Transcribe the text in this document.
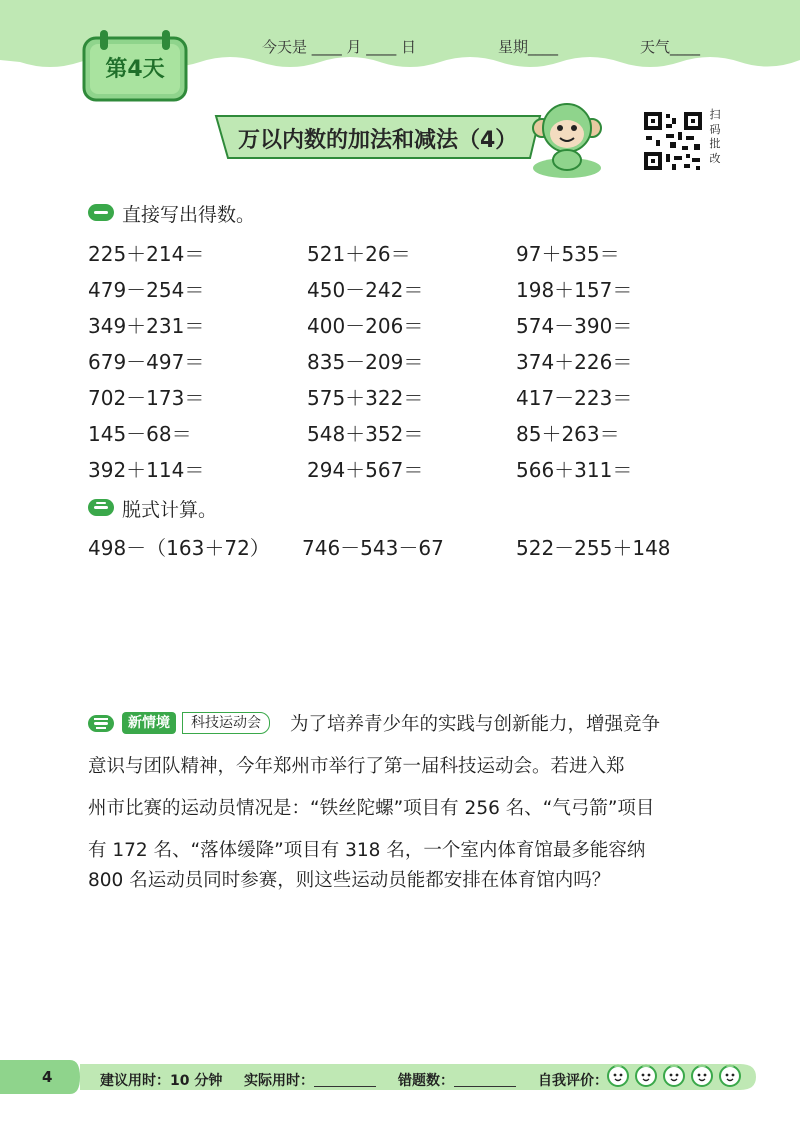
第4天
今天是 ____ 月 ____ 日	星期____	天气____
万以内数的加法和减法（4）
扫码批改
直接写出得数。
225＋214＝	521＋26＝	97＋535＝
479－254＝	450－242＝	198＋157＝
349＋231＝	400－206＝	574－390＝
679－497＝	835－209＝	374＋226＝
702－173＝	575＋322＝	417－223＝
145－68＝	548＋352＝	85＋263＝
392＋114＝	294＋567＝	566＋311＝
脱式计算。
498－（163＋72） 746－543－67	522－255＋148
新情境	科技运动会	为了培养青少年的实践与创新能力，增强竞争
意识与团队精神，今年郑州市举行了第一届科技运动会。若进入郑
州市比赛的运动员情况是：“铁丝陀螺”项目有 256 名、“气弓箭”项目
有 172 名、“落体缓降”项目有 318 名，一个室内体育馆最多能容纳
800 名运动员同时参赛，则这些运动员能都安排在体育馆内吗？
4	建议用时：10 分钟 实际用时：	错题数：	自我评价：
